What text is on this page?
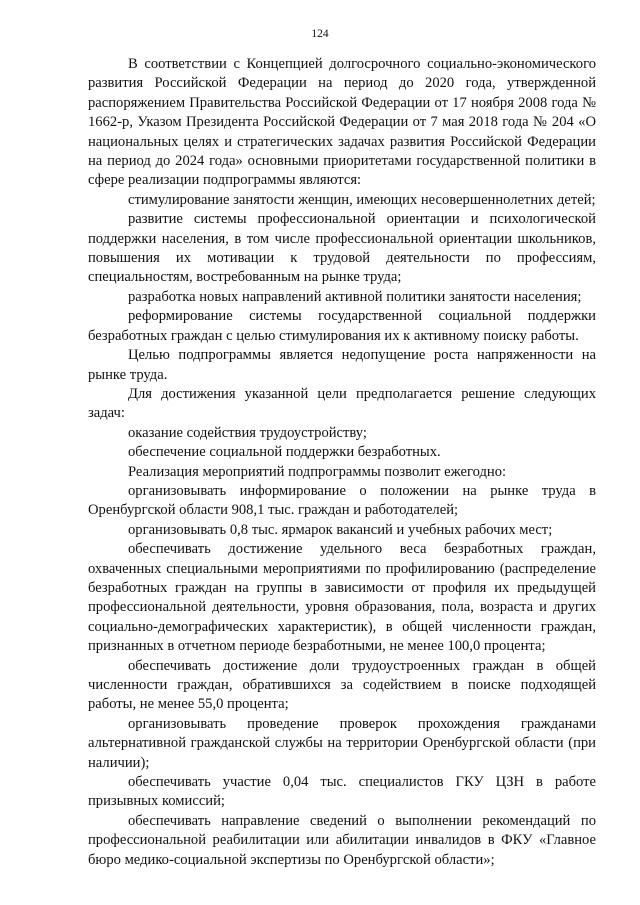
124

В соответствии с Концепцией долгосрочного социально-экономического развития Российской Федерации на период до 2020 года, утвержденной распоряжением Правительства Российской Федерации от 17 ноября 2008 года № 1662-р, Указом Президента Российской Федерации от 7 мая 2018 года № 204 «О национальных целях и стратегических задачах развития Российской Федерации на период до 2024 года» основными приоритетами государственной политики в сфере реализации подпрограммы являются:

стимулирование занятости женщин, имеющих несовершеннолетних детей;

развитие системы профессиональной ориентации и психологической поддержки населения, в том числе профессиональной ориентации школьников, повышения их мотивации к трудовой деятельности по профессиям, специальностям, востребованным на рынке труда;

разработка новых направлений активной политики занятости населения;

реформирование системы государственной социальной поддержки безработных граждан с целью стимулирования их к активному поиску работы.

Целью подпрограммы является недопущение роста напряженности на рынке труда.

Для достижения указанной цели предполагается решение следующих задач:

оказание содействия трудоустройству;

обеспечение социальной поддержки безработных.

Реализация мероприятий подпрограммы позволит ежегодно:

организовывать информирование о положении на рынке труда в Оренбургской области 908,1 тыс. граждан и работодателей;

организовывать 0,8 тыс. ярмарок вакансий и учебных рабочих мест;

обеспечивать достижение удельного веса безработных граждан, охваченных специальными мероприятиями по профилированию (распределение безработных граждан на группы в зависимости от профиля их предыдущей профессиональной деятельности, уровня образования, пола, возраста и других социально-демографических характеристик), в общей численности граждан, признанных в отчетном периоде безработными, не менее 100,0 процента;

обеспечивать достижение доли трудоустроенных граждан в общей численности граждан, обратившихся за содействием в поиске подходящей работы, не менее 55,0 процента;

организовывать проведение проверок прохождения гражданами альтернативной гражданской службы на территории Оренбургской области (при наличии);

обеспечивать участие 0,04 тыс. специалистов ГКУ ЦЗН в работе призывных комиссий;

обеспечивать направление сведений о выполнении рекомендаций по профессиональной реабилитации или абилитации инвалидов в ФКУ «Главное бюро медико-социальной экспертизы по Оренбургской области»;
